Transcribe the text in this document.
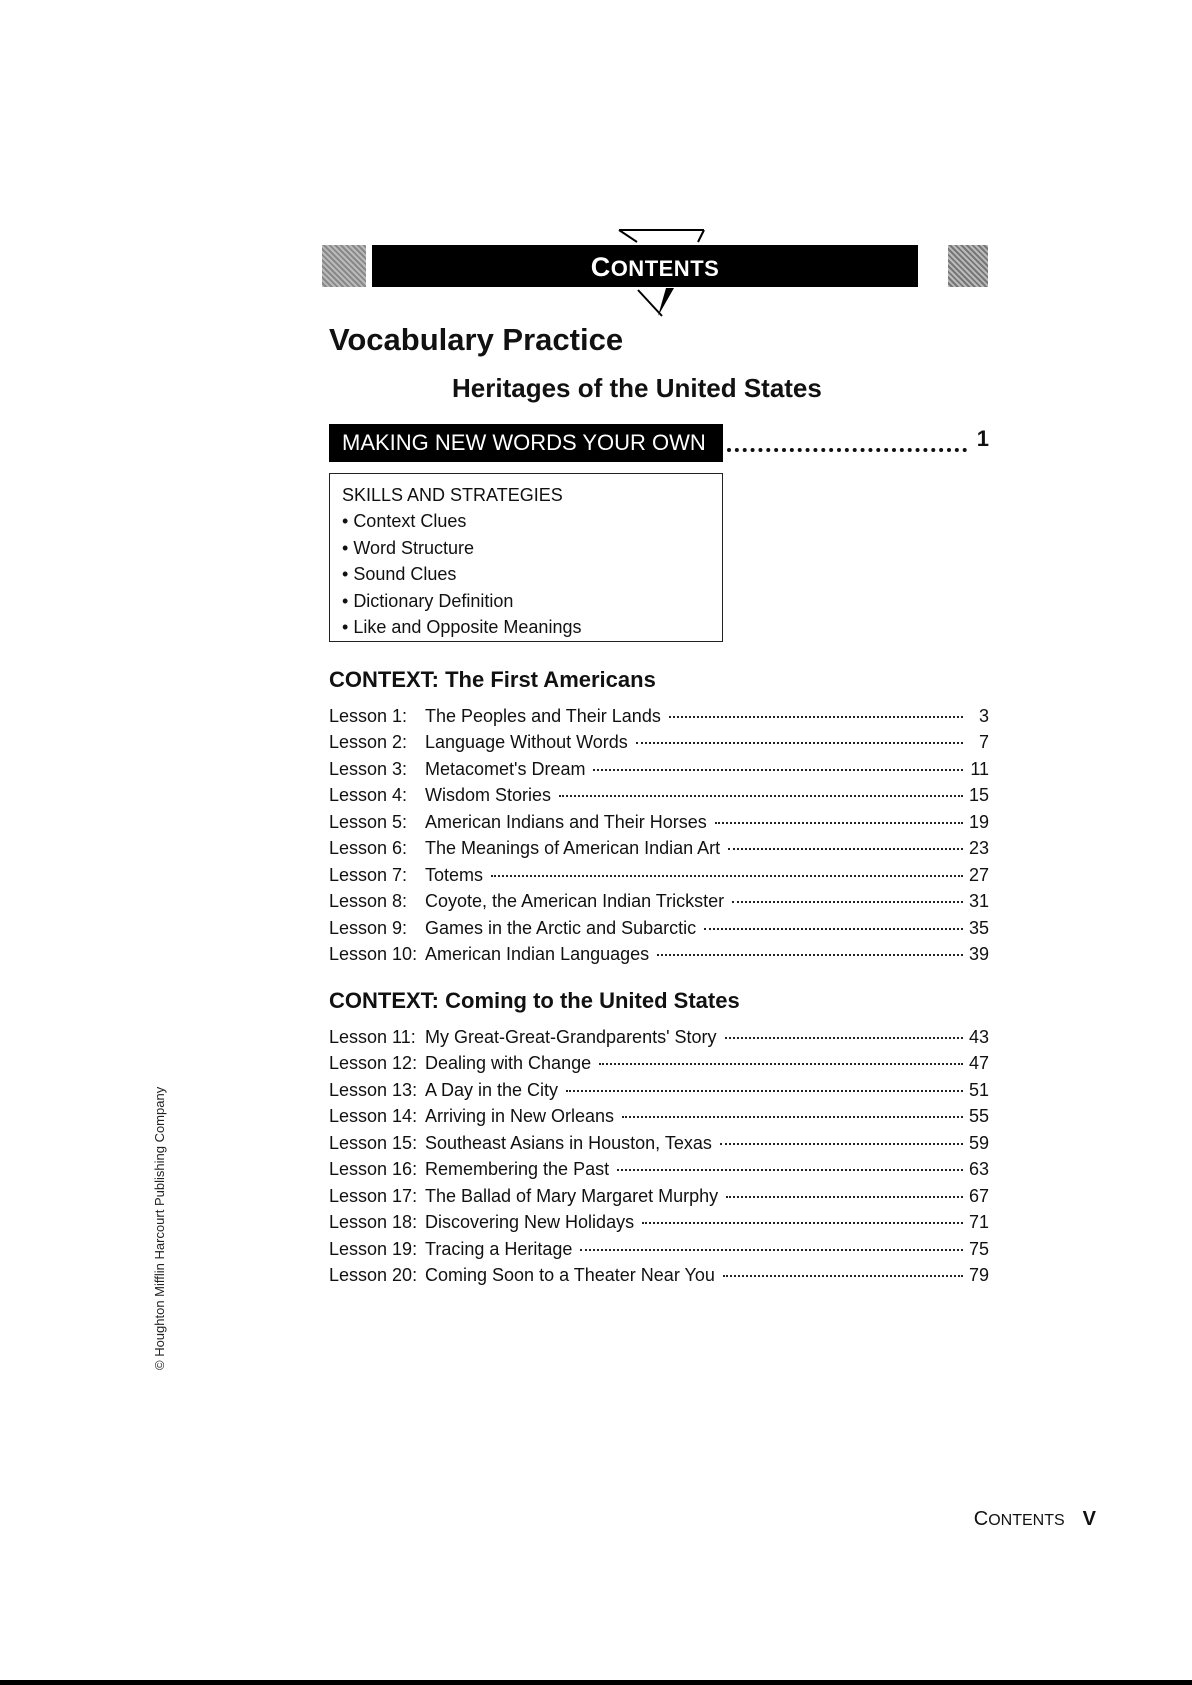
CONTENTS
Vocabulary Practice
Heritages of the United States
MAKING NEW WORDS YOUR OWN	1
SKILLS AND STRATEGIES
• Context Clues
• Word Structure
• Sound Clues
• Dictionary Definition
• Like and Opposite Meanings
CONTEXT: The First Americans
Lesson 1: The Peoples and Their Lands	3
Lesson 2: Language Without Words	7
Lesson 3: Metacomet's Dream	11
Lesson 4: Wisdom Stories	15
Lesson 5: American Indians and Their Horses	19
Lesson 6: The Meanings of American Indian Art	23
Lesson 7: Totems	27
Lesson 8: Coyote, the American Indian Trickster	31
Lesson 9: Games in the Arctic and Subarctic	35
Lesson 10: American Indian Languages	39
CONTEXT: Coming to the United States
Lesson 11: My Great-Great-Grandparents' Story	43
Lesson 12: Dealing with Change	47
Lesson 13: A Day in the City	51
Lesson 14: Arriving in New Orleans	55
Lesson 15: Southeast Asians in Houston, Texas	59
Lesson 16: Remembering the Past	63
Lesson 17: The Ballad of Mary Margaret Murphy	67
Lesson 18: Discovering New Holidays	71
Lesson 19: Tracing a Heritage	75
Lesson 20: Coming Soon to a Theater Near You	79
© Houghton Mifflin Harcourt Publishing Company
CONTENTS V
